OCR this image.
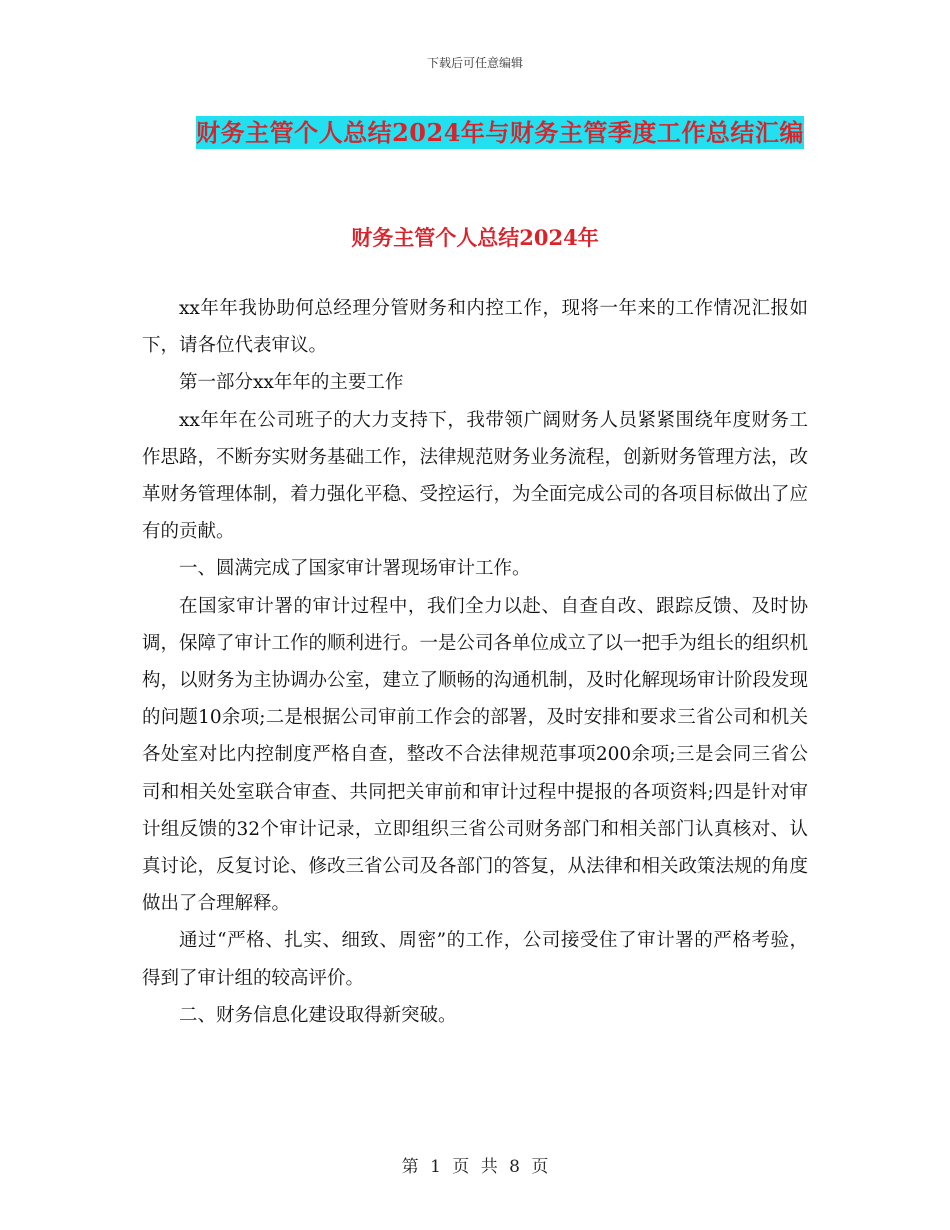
下载后可任意编辑
财务主管个人总结2024年与财务主管季度工作总结汇编
财务主管个人总结2024年

xx年年我协助何总经理分管财务和内控工作，现将一年来的工作情况汇报如下，请各位代表审议。

第一部分xx年年的主要工作

xx年年在公司班子的大力支持下，我带领广阔财务人员紧紧围绕年度财务工作思路，不断夯实财务基础工作，法律规范财务业务流程，创新财务管理方法，改革财务管理体制，着力强化平稳、受控运行，为全面完成公司的各项目标做出了应有的贡献。

一、圆满完成了国家审计署现场审计工作。

在国家审计署的审计过程中，我们全力以赴、自查自改、跟踪反馈、及时协调，保障了审计工作的顺利进行。一是公司各单位成立了以一把手为组长的组织机构，以财务为主协调办公室，建立了顺畅的沟通机制，及时化解现场审计阶段发现的问题10余项;二是根据公司审前工作会的部署，及时安排和要求三省公司和机关各处室对比内控制度严格自查，整改不合法律规范事项200余项;三是会同三省公司和相关处室联合审查、共同把关审前和审计过程中提报的各项资料;四是针对审计组反馈的32个审计记录，立即组织三省公司财务部门和相关部门认真核对、认真讨论，反复讨论、修改三省公司及各部门的答复，从法律和相关政策法规的角度做出了合理解释。

通过“严格、扎实、细致、周密”的工作，公司接受住了审计署的严格考验，得到了审计组的较高评价。

二、财务信息化建设取得新突破。

第 1 页 共 8 页
